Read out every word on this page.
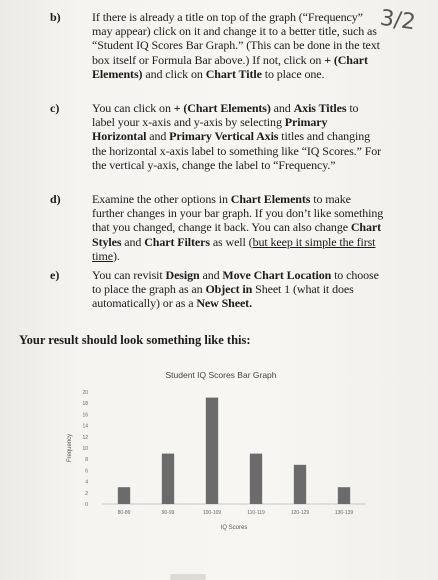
3/2
b)	If there is already a title on top of the graph (“Frequency” may appear) click on it and change it to a better title, such as “Student IQ Scores Bar Graph.” (This can be done in the text box itself or Formula Bar above.) If not, click on + (Chart Elements) and click on Chart Title to place one.
c)	You can click on + (Chart Elements) and Axis Titles to label your x-axis and y-axis by selecting Primary Horizontal and Primary Vertical Axis titles and changing the horizontal x-axis label to something like “IQ Scores.” For the vertical y-axis, change the label to “Frequency.”
d)	Examine the other options in Chart Elements to make further changes in your bar graph. If you don’t like something that you changed, change it back. You can also change Chart Styles and Chart Filters as well (but keep it simple the first time).
e)	You can revisit Design and Move Chart Location to choose to place the graph as an Object in Sheet 1 (what it does automatically) or as a New Sheet.
Your result should look something like this:
Student IQ Scores Bar Graph
0
2
4
6
8
10
12
14
16
18
20
Frequency
80-89	90-99	100-109	110-119	120-129	130-139
IQ Scores
